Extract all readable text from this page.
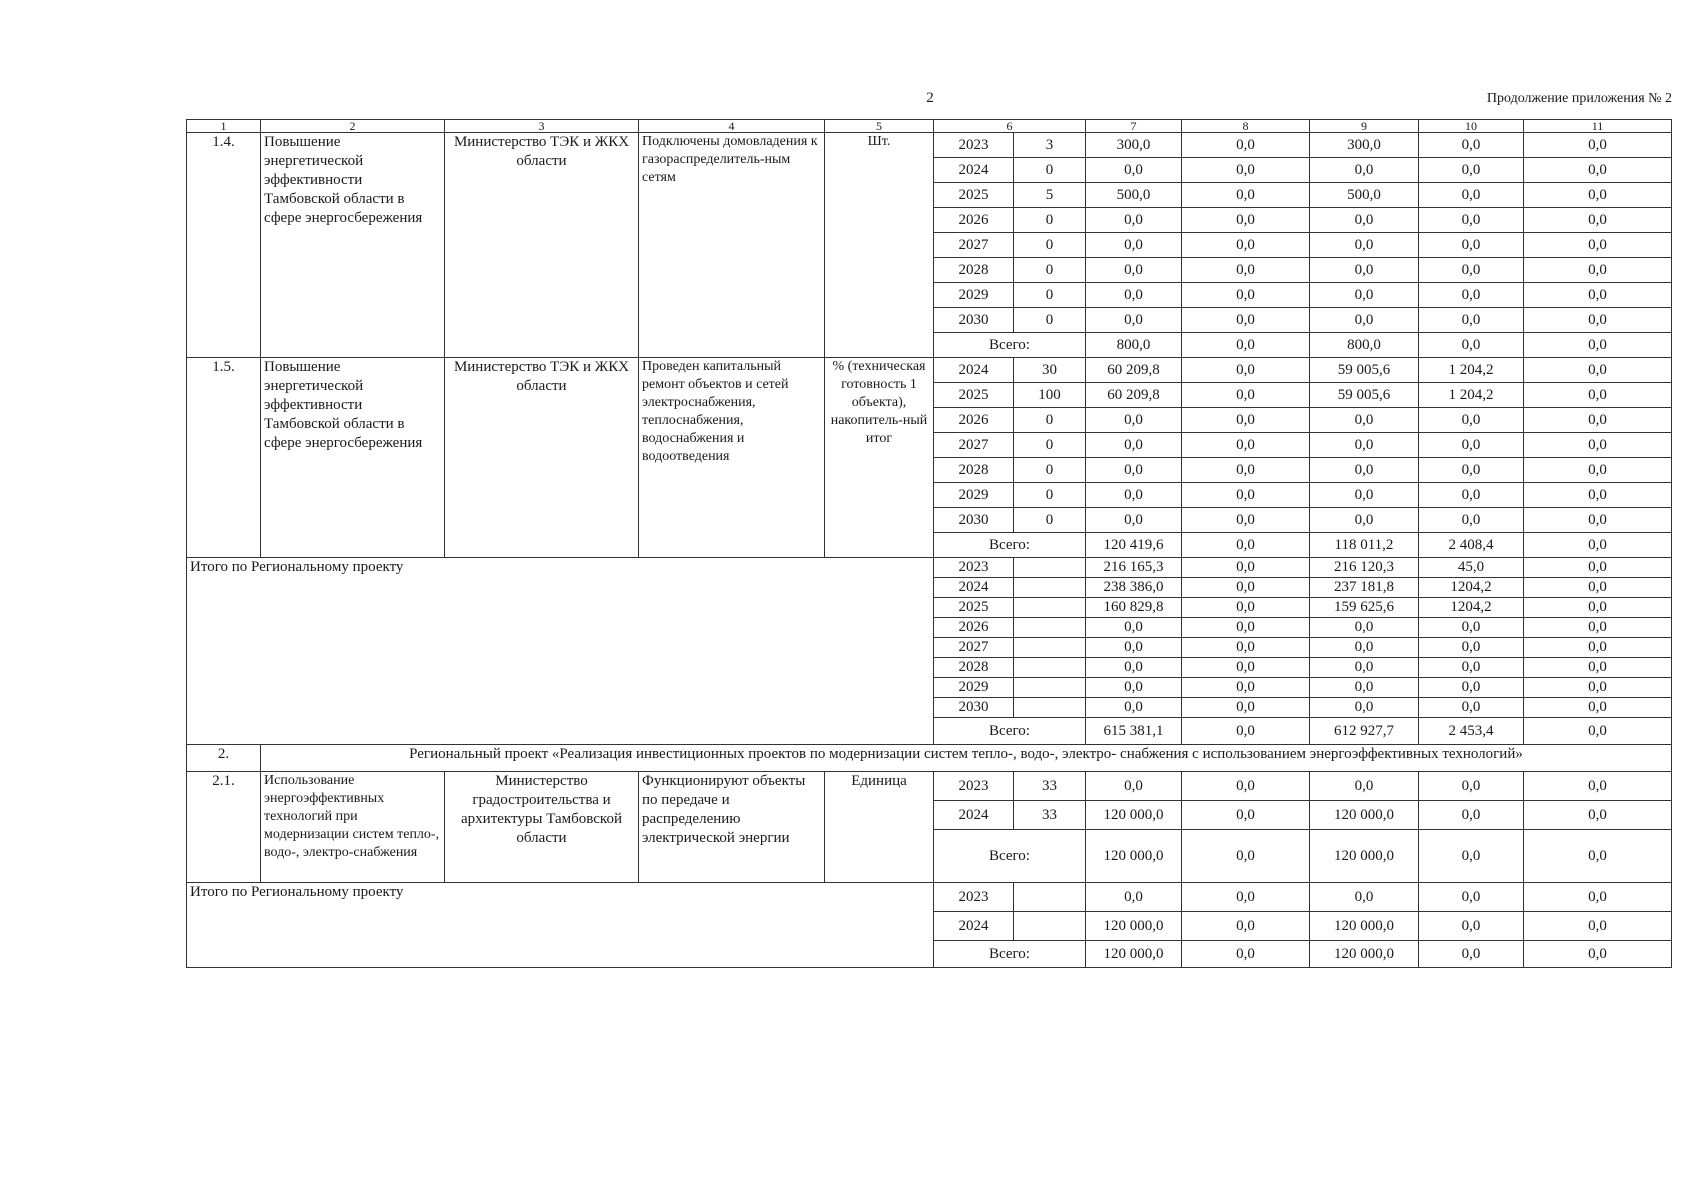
2	Продолжение приложения № 2
1	2	3	4	5	6		7	8	9	10	11
1.4.	Повышение энергетической эффективности Тамбовской области в сфере энергосбережения	Министерство ТЭК и ЖКХ области	Подключены домовладения к газораспределитель-ным сетям	Шт.	2023	3	300,0	0,0	300,0	0,0	0,0
					2024	0	0,0	0,0	0,0	0,0	0,0
					2025	5	500,0	0,0	500,0	0,0	0,0
					2026	0	0,0	0,0	0,0	0,0	0,0
					2027	0	0,0	0,0	0,0	0,0	0,0
					2028	0	0,0	0,0	0,0	0,0	0,0
					2029	0	0,0	0,0	0,0	0,0	0,0
					2030	0	0,0	0,0	0,0	0,0	0,0
					Всего:		800,0	0,0	800,0	0,0	0,0
1.5.	Повышение энергетической эффективности Тамбовской области в сфере энергосбережения	Министерство ТЭК и ЖКХ области	Проведен капитальный ремонт объектов и сетей электроснабжения, теплоснабжения, водоснабжения и водоотведения	% (техническая готовность 1 объекта), накопитель-ный итог	2024	30	60 209,8	0,0	59 005,6	1 204,2	0,0
					2025	100	60 209,8	0,0	59 005,6	1 204,2	0,0
					2026	0	0,0	0,0	0,0	0,0	0,0
					2027	0	0,0	0,0	0,0	0,0	0,0
					2028	0	0,0	0,0	0,0	0,0	0,0
					2029	0	0,0	0,0	0,0	0,0	0,0
					2030	0	0,0	0,0	0,0	0,0	0,0
					Всего:		120 419,6	0,0	118 011,2	2 408,4	0,0
Итого по Региональному проекту					2023		216 165,3	0,0	216 120,3	45,0	0,0
					2024		238 386,0	0,0	237 181,8	1204,2	0,0
					2025		160 829,8	0,0	159 625,6	1204,2	0,0
					2026		0,0	0,0	0,0	0,0	0,0
					2027		0,0	0,0	0,0	0,0	0,0
					2028		0,0	0,0	0,0	0,0	0,0
					2029		0,0	0,0	0,0	0,0	0,0
					2030		0,0	0,0	0,0	0,0	0,0
					Всего:		615 381,1	0,0	612 927,7	2 453,4	0,0
2.	Региональный проект «Реализация инвестиционных проектов по модернизации систем тепло-, водо-, электро- снабжения с использованием энергоэффективных технологий»										
2.1.	Использование энергоэффективных технологий при модернизации систем тепло-, водо-, электро-снабжения	Министерство градостроительства и архитектуры Тамбовской области	Функционируют объекты по передаче и распределению электрической энергии	Единица	2023	33	0,0	0,0	0,0	0,0	0,0
					2024	33	120 000,0	0,0	120 000,0	0,0	0,0
					Всего:		120 000,0	0,0	120 000,0	0,0	0,0
Итого по Региональному проекту					2023		0,0	0,0	0,0	0,0	0,0
					2024		120 000,0	0,0	120 000,0	0,0	0,0
					Всего:		120 000,0	0,0	120 000,0	0,0	0,0
